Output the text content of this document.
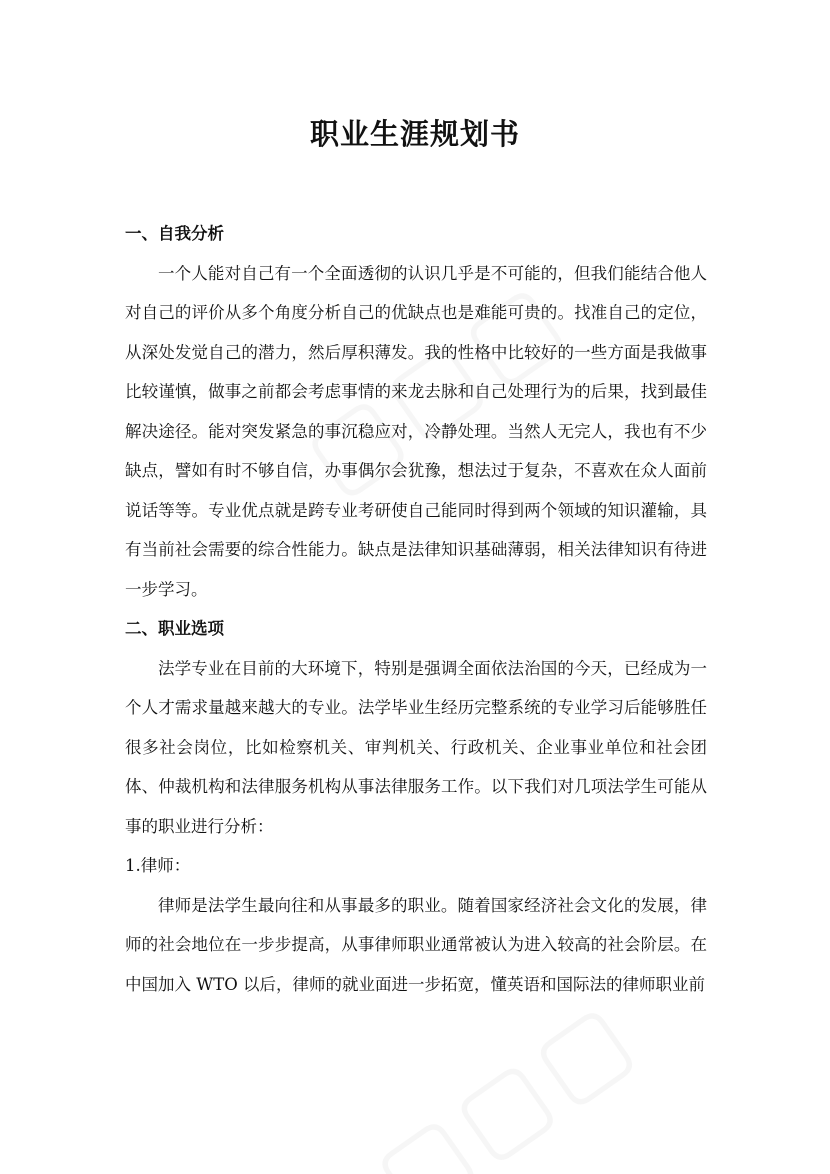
职业生涯规划书

一、自我分析

一个人能对自己有一个全面透彻的认识几乎是不可能的，但我们能结合他人对自己的评价从多个角度分析自己的优缺点也是难能可贵的。找准自己的定位，从深处发觉自己的潜力，然后厚积薄发。我的性格中比较好的一些方面是我做事比较谨慎，做事之前都会考虑事情的来龙去脉和自己处理行为的后果，找到最佳解决途径。能对突发紧急的事沉稳应对，冷静处理。当然人无完人，我也有不少缺点，譬如有时不够自信，办事偶尔会犹豫，想法过于复杂，不喜欢在众人面前说话等等。专业优点就是跨专业考研使自己能同时得到两个领域的知识灌输，具有当前社会需要的综合性能力。缺点是法律知识基础薄弱，相关法律知识有待进一步学习。

二、职业选项

法学专业在目前的大环境下，特别是强调全面依法治国的今天，已经成为一个人才需求量越来越大的专业。法学毕业生经历完整系统的专业学习后能够胜任很多社会岗位，比如检察机关、审判机关、行政机关、企业事业单位和社会团体、仲裁机构和法律服务机构从事法律服务工作。以下我们对几项法学生可能从事的职业进行分析：

1.律师：

律师是法学生最向往和从事最多的职业。随着国家经济社会文化的发展，律师的社会地位在一步步提高，从事律师职业通常被认为进入较高的社会阶层。在中国加入 WTO 以后，律师的就业面进一步拓宽，懂英语和国际法的律师职业前
